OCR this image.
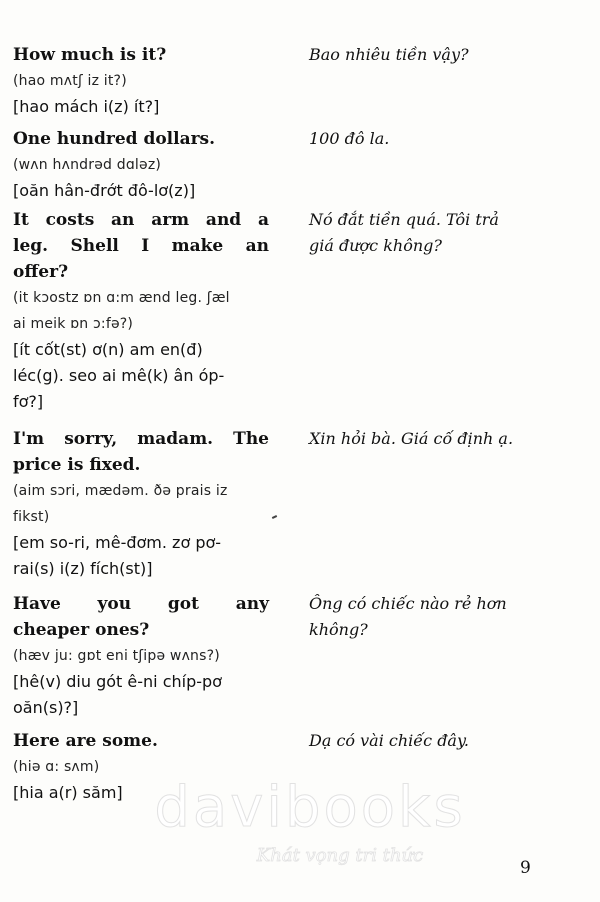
How much is it?

(hao mʌtʃ iz it?)

[hao mách i(z) ít?]

Bao nhiêu tiền vậy?

One hundred dollars.

(wʌn hʌndrəd dɑləz)

[oăn hân-đrớt đô-lơ(z)]

100 đô la.

It costs an arm and a

leg. Shell I make an

offer?

(it kɔostz ɒn ɑ:m ænd leg. ʃæl

ai meik ɒn ɔ:fə?)

[ít cốt(st) ơ(n) am en(đ)

léc(g). seo ai mê(k) ân óp-

fơ?]

Nó đắt tiền quá. Tôi trả

giá được không?

I'm sorry, madam. The

price is fixed.

(aim sɔri, mædəm. ðə prais iz

fikst)

[em so-ri, mê-đơm. zơ pơ-

rai(s) i(z) fích(st)]

Xin hỏi bà. Giá cố định ạ.

Have you got any

cheaper ones?

(hæv ju: gɒt eni tʃipə wʌns?)

[hê(v) diu gót ê-ni chíp-pơ

oăn(s)?]

Ông có chiếc nào rẻ hơn

không?

Here are some.

(hiə ɑ: sʌm)

[hia a(r) săm]

Dạ có vài chiếc đây.

davibooks
Khát vọng tri thức
9
